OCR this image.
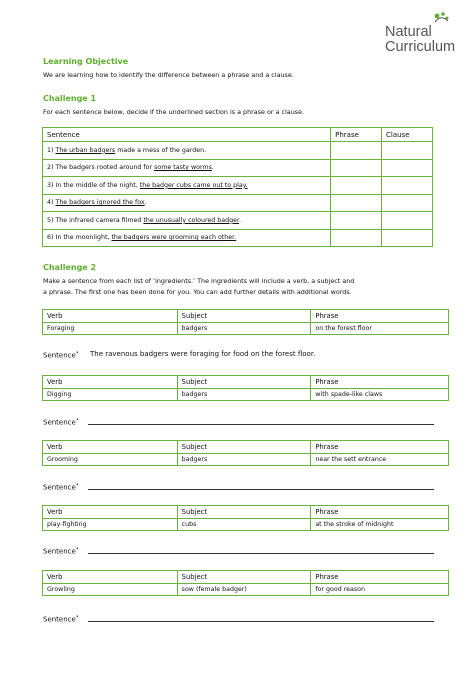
Natural
Curriculum
Learning Objective
We are learning how to identify the difference between a phrase and a clause.
Challenge 1
For each sentence below, decide if the underlined section is a phrase or a clause.
Sentence	Phrase	Clause
1) The urban badgers made a mess of the garden.		
2) The badgers rooted around for some tasty worms.		
3) In the middle of the night, the badger cubs came out to play.		
4) The badgers ignored the fox.		
5) The infrared camera filmed the unusually coloured badger.		
6) In the moonlight, the badgers were grooming each other.		
Challenge 2
Make a sentence from each list of ‘ingredients.’ The ingredients will include a verb, a subject and
a phrase. The first one has been done for you. You can add further details with additional words.
Verb	Subject	Phrase
Foraging	badgers	on the forest floor
Sentence• The ravenous badgers were foraging for food on the forest floor.
Verb	Subject	Phrase
Digging	badgers	with spade-like claws
Sentence•
Verb	Subject	Phrase
Grooming	badgers	near the sett entrance
Sentence•
Verb	Subject	Phrase
play-fighting	cubs	at the stroke of midnight
Sentence•
Verb	Subject	Phrase
Growling	sow (female badger)	for good reason
Sentence•
